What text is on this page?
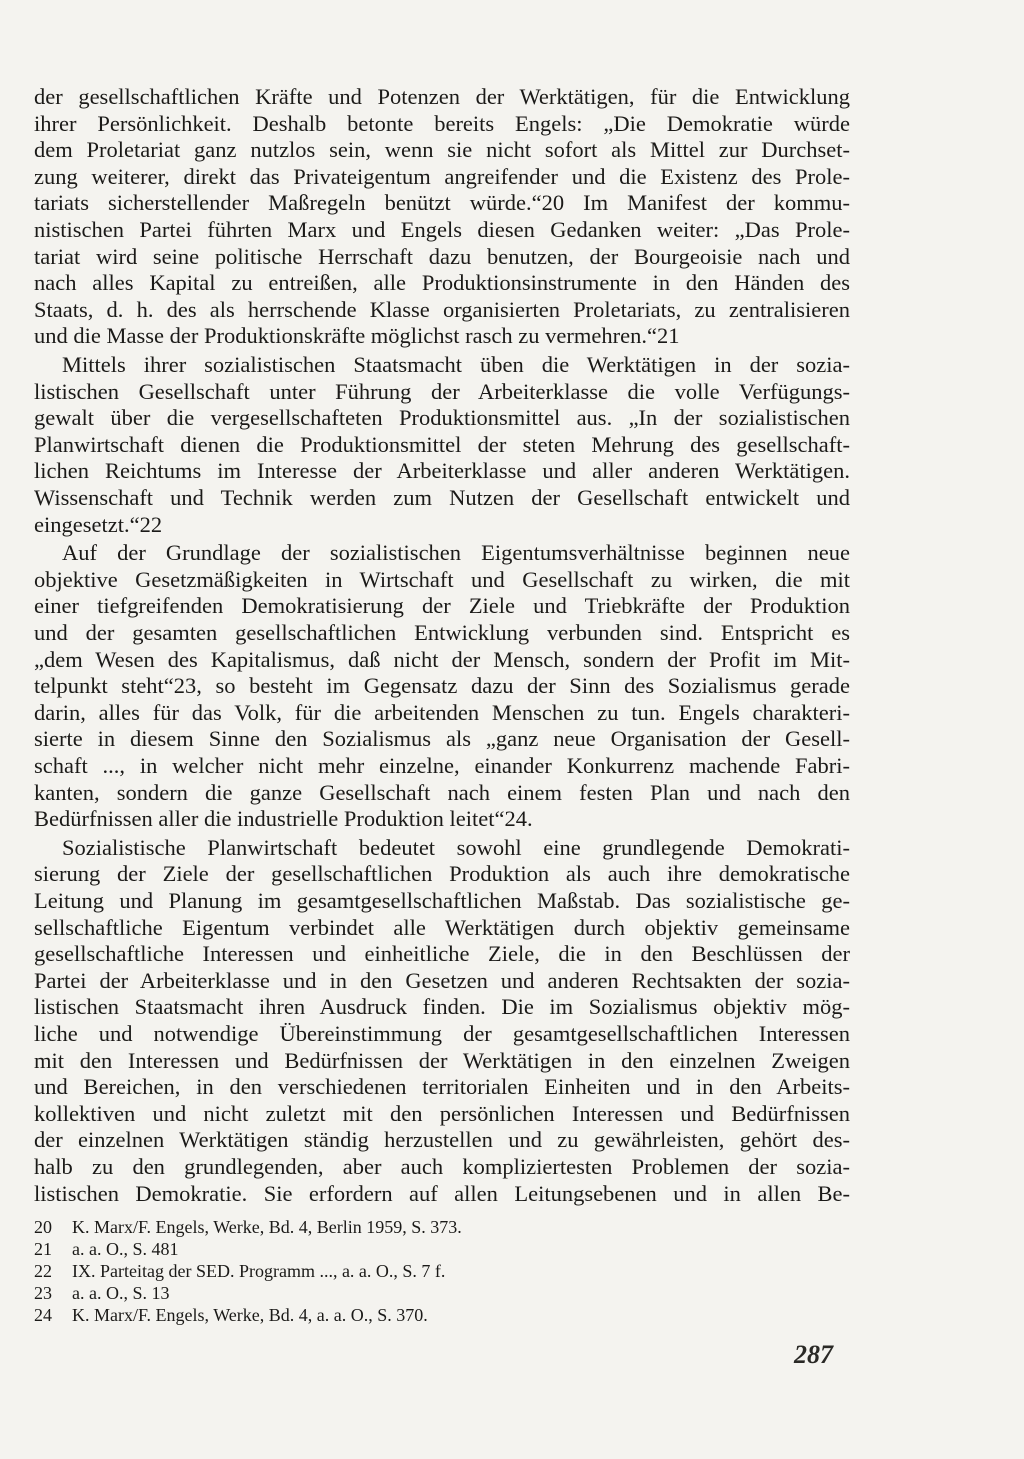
der gesellschaftlichen Kräfte und Potenzen der Werktätigen, für die Entwicklung
ihrer Persönlichkeit. Deshalb betonte bereits Engels: „Die Demokratie würde
dem Proletariat ganz nutzlos sein, wenn sie nicht sofort als Mittel zur Durchset-
zung weiterer, direkt das Privateigentum angreifender und die Existenz des Prole-
tariats sicherstellender Maßregeln benützt würde.“20 Im Manifest der kommu-
nistischen Partei führten Marx und Engels diesen Gedanken weiter: „Das Prole-
tariat wird seine politische Herrschaft dazu benutzen, der Bourgeoisie nach und
nach alles Kapital zu entreißen, alle Produktionsinstrumente in den Händen des
Staats, d. h. des als herrschende Klasse organisierten Proletariats, zu zentralisieren
und die Masse der Produktionskräfte möglichst rasch zu vermehren.“21
Mittels ihrer sozialistischen Staatsmacht üben die Werktätigen in der sozia-
listischen Gesellschaft unter Führung der Arbeiterklasse die volle Verfügungs-
gewalt über die vergesellschafteten Produktionsmittel aus. „In der sozialistischen
Planwirtschaft dienen die Produktionsmittel der steten Mehrung des gesellschaft-
lichen Reichtums im Interesse der Arbeiterklasse und aller anderen Werktätigen.
Wissenschaft und Technik werden zum Nutzen der Gesellschaft entwickelt und
eingesetzt.“22
Auf der Grundlage der sozialistischen Eigentumsverhältnisse beginnen neue
objektive Gesetzmäßigkeiten in Wirtschaft und Gesellschaft zu wirken, die mit
einer tiefgreifenden Demokratisierung der Ziele und Triebkräfte der Produktion
und der gesamten gesellschaftlichen Entwicklung verbunden sind. Entspricht es
„dem Wesen des Kapitalismus, daß nicht der Mensch, sondern der Profit im Mit-
telpunkt steht“23, so besteht im Gegensatz dazu der Sinn des Sozialismus gerade
darin, alles für das Volk, für die arbeitenden Menschen zu tun. Engels charakteri-
sierte in diesem Sinne den Sozialismus als „ganz neue Organisation der Gesell-
schaft ..., in welcher nicht mehr einzelne, einander Konkurrenz machende Fabri-
kanten, sondern die ganze Gesellschaft nach einem festen Plan und nach den
Bedürfnissen aller die industrielle Produktion leitet“24.
Sozialistische Planwirtschaft bedeutet sowohl eine grundlegende Demokrati-
sierung der Ziele der gesellschaftlichen Produktion als auch ihre demokratische
Leitung und Planung im gesamtgesellschaftlichen Maßstab. Das sozialistische ge-
sellschaftliche Eigentum verbindet alle Werktätigen durch objektiv gemeinsame
gesellschaftliche Interessen und einheitliche Ziele, die in den Beschlüssen der
Partei der Arbeiterklasse und in den Gesetzen und anderen Rechtsakten der sozia-
listischen Staatsmacht ihren Ausdruck finden. Die im Sozialismus objektiv mög-
liche und notwendige Übereinstimmung der gesamtgesellschaftlichen Interessen
mit den Interessen und Bedürfnissen der Werktätigen in den einzelnen Zweigen
und Bereichen, in den verschiedenen territorialen Einheiten und in den Arbeits-
kollektiven und nicht zuletzt mit den persönlichen Interessen und Bedürfnissen
der einzelnen Werktätigen ständig herzustellen und zu gewährleisten, gehört des-
halb zu den grundlegenden, aber auch kompliziertesten Problemen der sozia-
listischen Demokratie. Sie erfordern auf allen Leitungsebenen und in allen Be-
20 K. Marx/F. Engels, Werke, Bd. 4, Berlin 1959, S. 373.
21 a. a. O., S. 481
22 IX. Parteitag der SED. Programm ..., a. a. O., S. 7 f.
23 a. a. O., S. 13
24 K. Marx/F. Engels, Werke, Bd. 4, a. a. O., S. 370.
287
